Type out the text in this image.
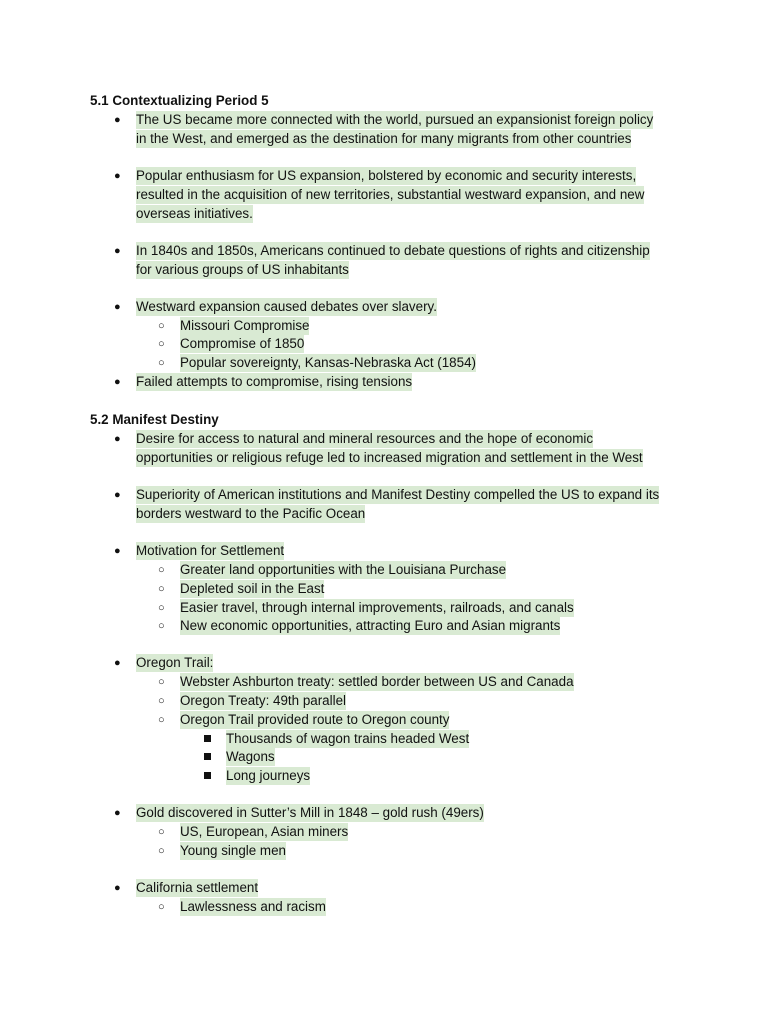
5.1 Contextualizing Period 5
●	The US became more connected with the world, pursued an expansionist foreign policy
in the West, and emerged as the destination for many migrants from other countries
●	Popular enthusiasm for US expansion, bolstered by economic and security interests,
resulted in the acquisition of new territories, substantial westward expansion, and new
overseas initiatives.
●	In 1840s and 1850s, Americans continued to debate questions of rights and citizenship
for various groups of US inhabitants
●	Westward expansion caused debates over slavery.
○ Missouri Compromise
○ Compromise of 1850
○ Popular sovereignty, Kansas-Nebraska Act (1854)
●	Failed attempts to compromise, rising tensions
5.2 Manifest Destiny
●	Desire for access to natural and mineral resources and the hope of economic
opportunities or religious refuge led to increased migration and settlement in the West
●	Superiority of American institutions and Manifest Destiny compelled the US to expand its
borders westward to the Pacific Ocean
●	Motivation for Settlement
○ Greater land opportunities with the Louisiana Purchase
○ Depleted soil in the East
○ Easier travel, through internal improvements, railroads, and canals
○ New economic opportunities, attracting Euro and Asian migrants
●	Oregon Trail:
○ Webster Ashburton treaty: settled border between US and Canada
○ Oregon Treaty: 49th parallel
○ Oregon Trail provided route to Oregon county
Thousands of wagon trains headed West
Wagons
Long journeys
●	Gold discovered in Sutter’s Mill in 1848 – gold rush (49ers)
○ US, European, Asian miners
○ Young single men
●	California settlement
○ Lawlessness and racism
